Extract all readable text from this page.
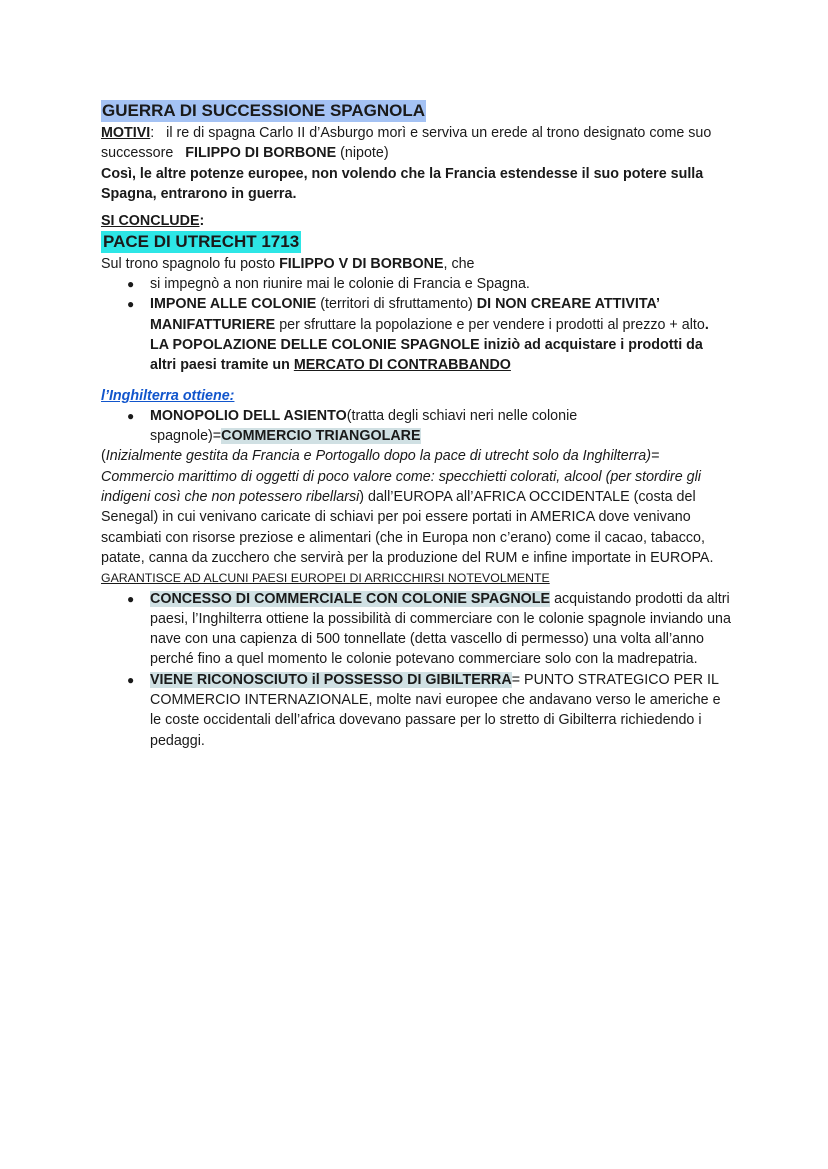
GUERRA DI SUCCESSIONE SPAGNOLA

MOTIVI: il re di spagna Carlo II d’Asburgo morì e serviva un erede al trono designato come suo successore FILIPPO DI BORBONE (nipote)

Così, le altre potenze europee, non volendo che la Francia estendesse il suo potere sulla Spagna, entrarono in guerra.

SI CONCLUDE:

PACE DI UTRECHT 1713

Sul trono spagnolo fu posto FILIPPO V DI BORBONE, che

● si impegnò a non riunire mai le colonie di Francia e Spagna.
● IMPONE ALLE COLONIE (territori di sfruttamento) DI NON CREARE ATTIVITA’ MANIFATTURIERE per sfruttare la popolazione e per vendere i prodotti al prezzo + alto. LA POPOLAZIONE DELLE COLONIE SPAGNOLE iniziò ad acquistare i prodotti da altri paesi tramite un MERCATO DI CONTRABBANDO

l’Inghilterra ottiene:

● MONOPOLIO DELL ASIENTO(tratta degli schiavi neri nelle colonie spagnole)=COMMERCIO TRIANGOLARE

(Inizialmente gestita da Francia e Portogallo dopo la pace di utrecht solo da Inghilterra)= Commercio marittimo di oggetti di poco valore come: specchietti colorati, alcool (per stordire gli indigeni così che non potessero ribellarsi) dall’EUROPA all’AFRICA OCCIDENTALE (costa del Senegal) in cui venivano caricate di schiavi per poi essere portati in AMERICA dove venivano scambiati con risorse preziose e alimentari (che in Europa non c’erano) come il cacao, tabacco, patate, canna da zucchero che servirà per la produzione del RUM e infine importate in EUROPA. GARANTISCE AD ALCUNI PAESI EUROPEI DI ARRICCHIRSI NOTEVOLMENTE

● CONCESSO DI COMMERCIALE CON COLONIE SPAGNOLE acquistando prodotti da altri paesi, l’Inghilterra ottiene la possibilità di commerciare con le colonie spagnole inviando una nave con una capienza di 500 tonnellate (detta vascello di permesso) una volta all’anno perché fino a quel momento le colonie potevano commerciare solo con la madrepatria.
● VIENE RICONOSCIUTO il POSSESSO DI GIBILTERRA= PUNTO STRATEGICO PER IL COMMERCIO INTERNAZIONALE, molte navi europee che andavano verso le americhe e le coste occidentali dell’africa dovevano passare per lo stretto di Gibilterra richiedendo i pedaggi.
